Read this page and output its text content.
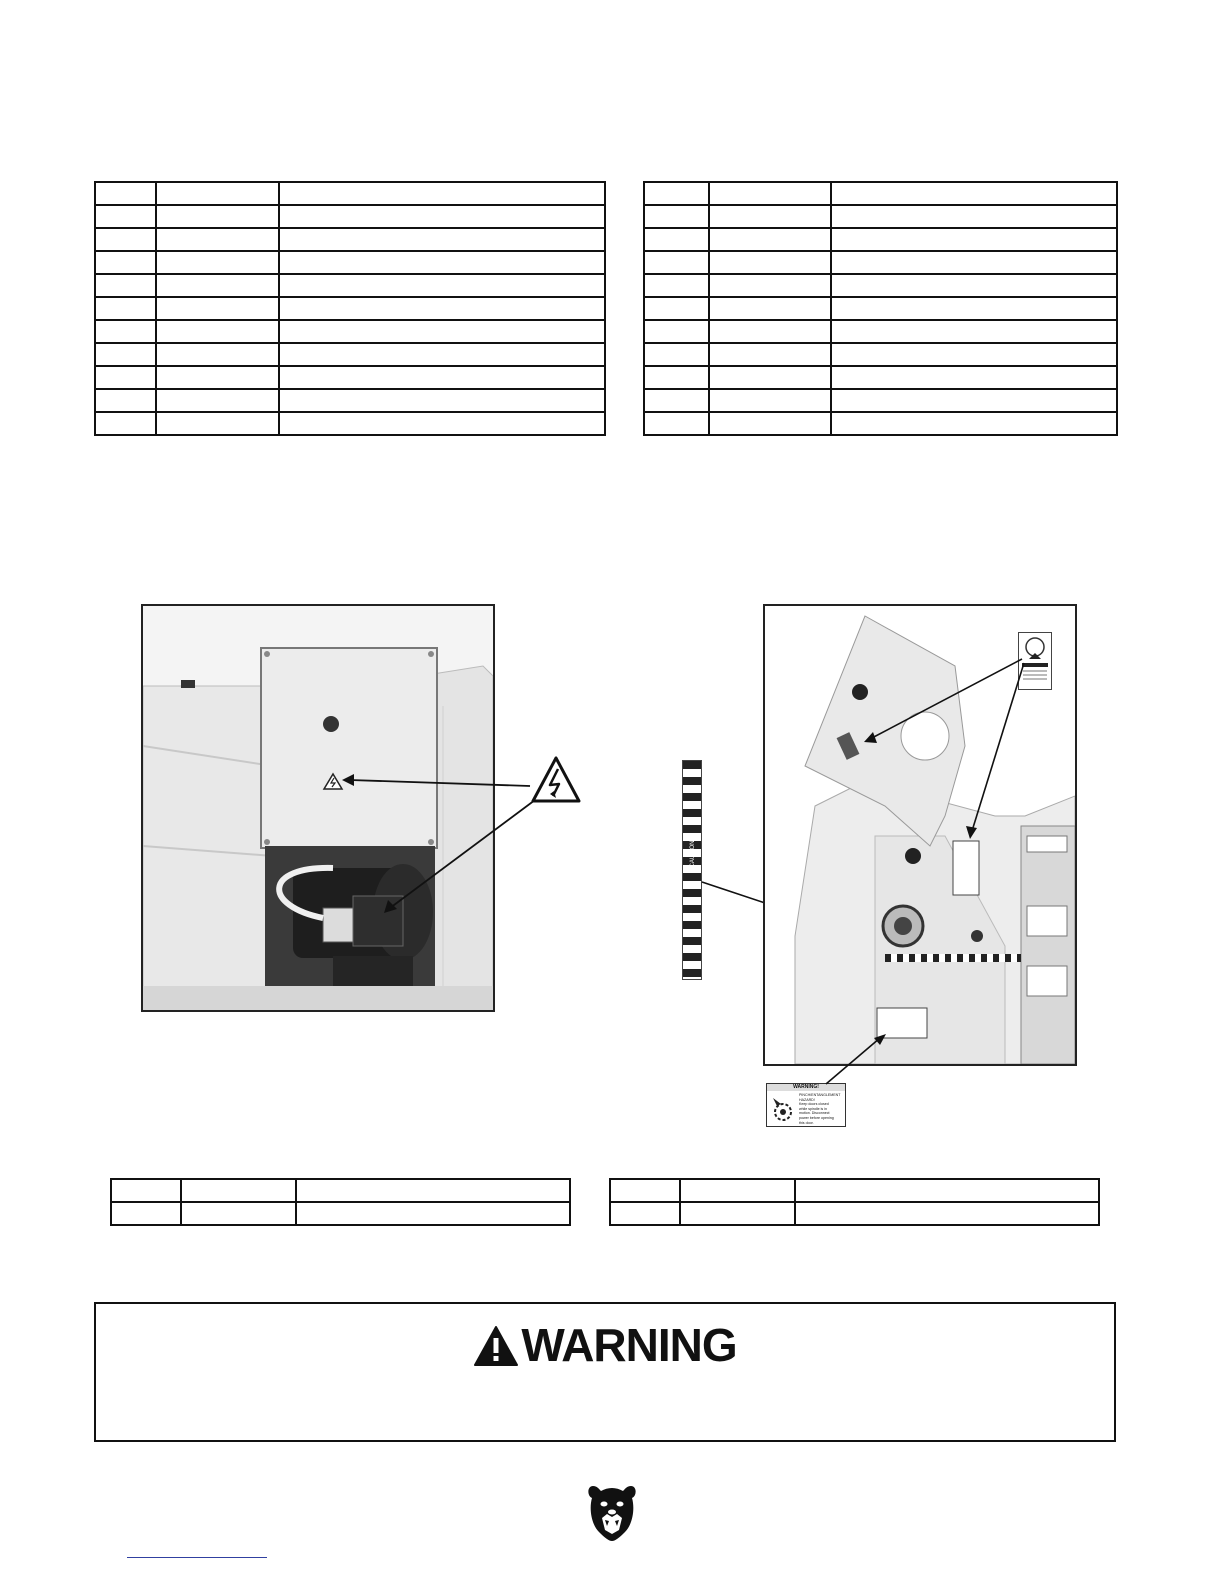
CAUTION
WARNING!
PINCH/ENTANGLEMENT
HAZARD!
Keep doors closed
while spindle is in
motion. Disconnect
power before opening
this door.

WARNING
